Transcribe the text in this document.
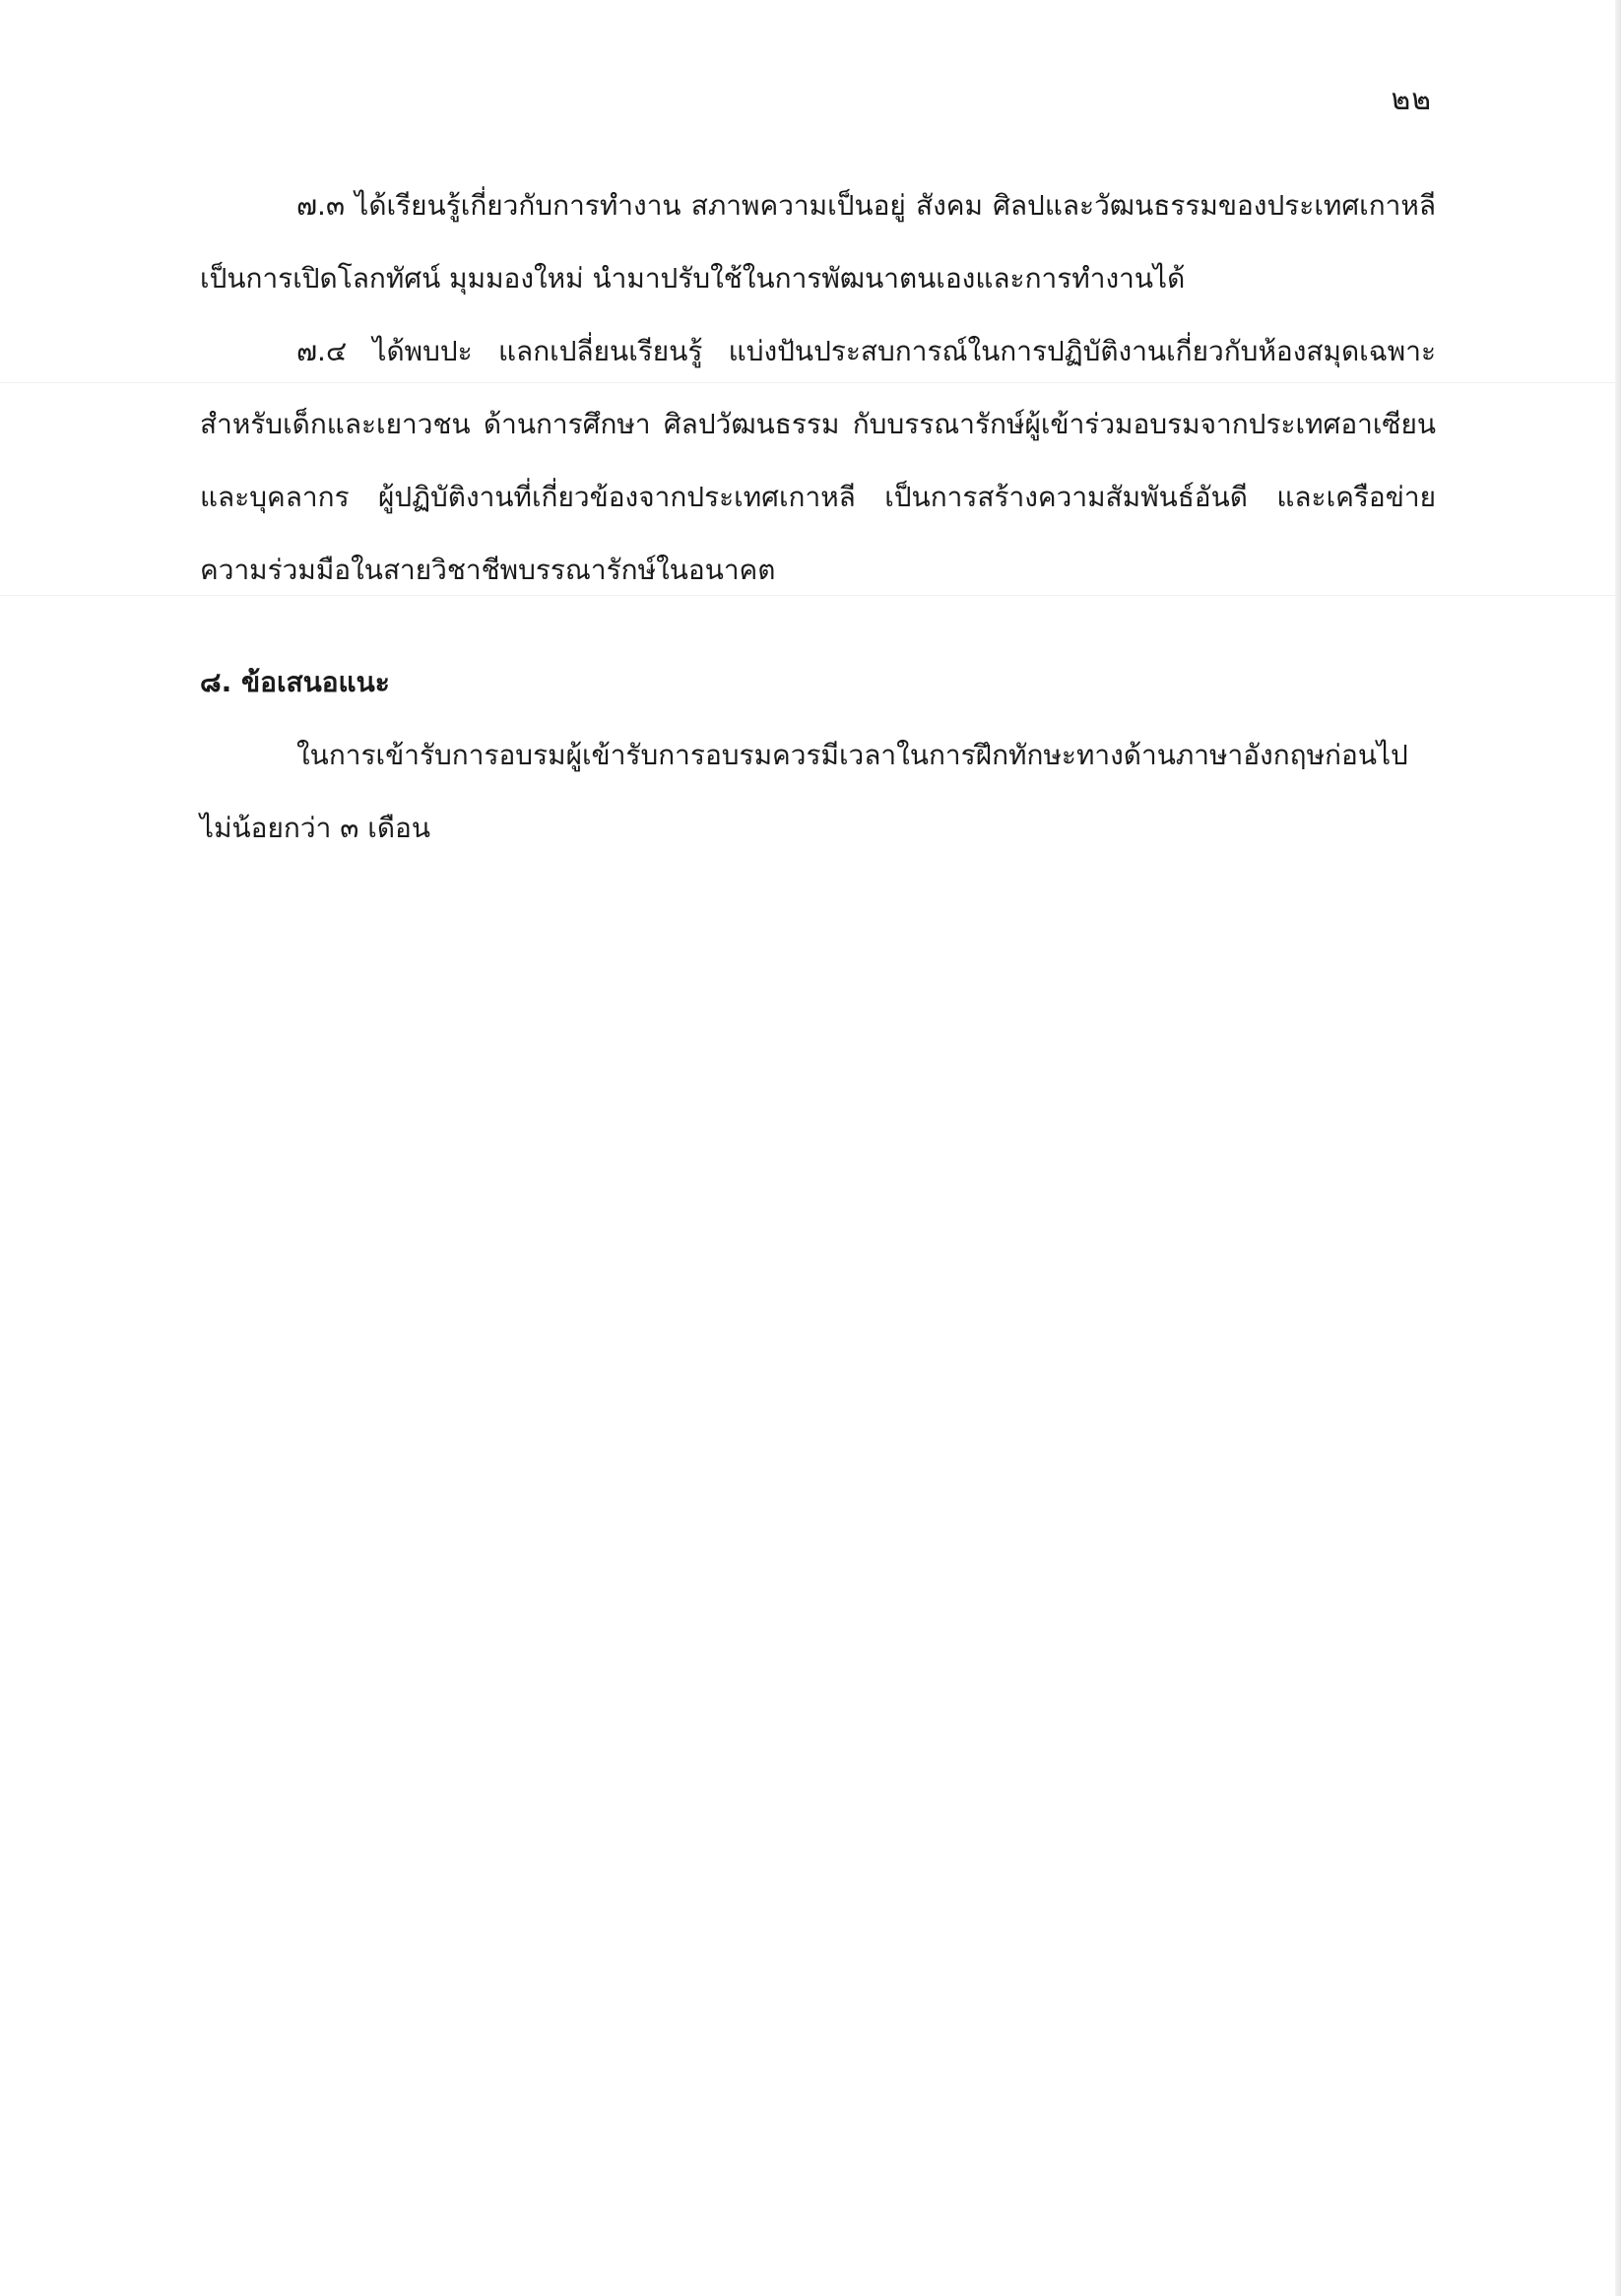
๒๒

๗.๓ ได้เรียนรู้เกี่ยวกับการทำงาน สภาพความเป็นอยู่ สังคม ศิลปและวัฒนธรรมของประเทศเกาหลี เป็นการเปิดโลกทัศน์ มุมมองใหม่ นำมาปรับใช้ในการพัฒนาตนเองและการทำงานได้

๗.๔ ได้พบปะ แลกเปลี่ยนเรียนรู้ แบ่งปันประสบการณ์ในการปฏิบัติงานเกี่ยวกับห้องสมุดเฉพาะสำหรับเด็กและเยาวชน ด้านการศึกษา ศิลปวัฒนธรรม กับบรรณารักษ์ผู้เข้าร่วมอบรมจากประเทศอาเซียน และบุคลากร ผู้ปฏิบัติงานที่เกี่ยวข้องจากประเทศเกาหลี เป็นการสร้างความสัมพันธ์อันดี และเครือข่ายความร่วมมือในสายวิชาชีพบรรณารักษ์ในอนาคต

๘. ข้อเสนอแนะ

ในการเข้ารับการอบรมผู้เข้ารับการอบรมควรมีเวลาในการฝึกทักษะทางด้านภาษาอังกฤษก่อนไปไม่น้อยกว่า ๓ เดือน
